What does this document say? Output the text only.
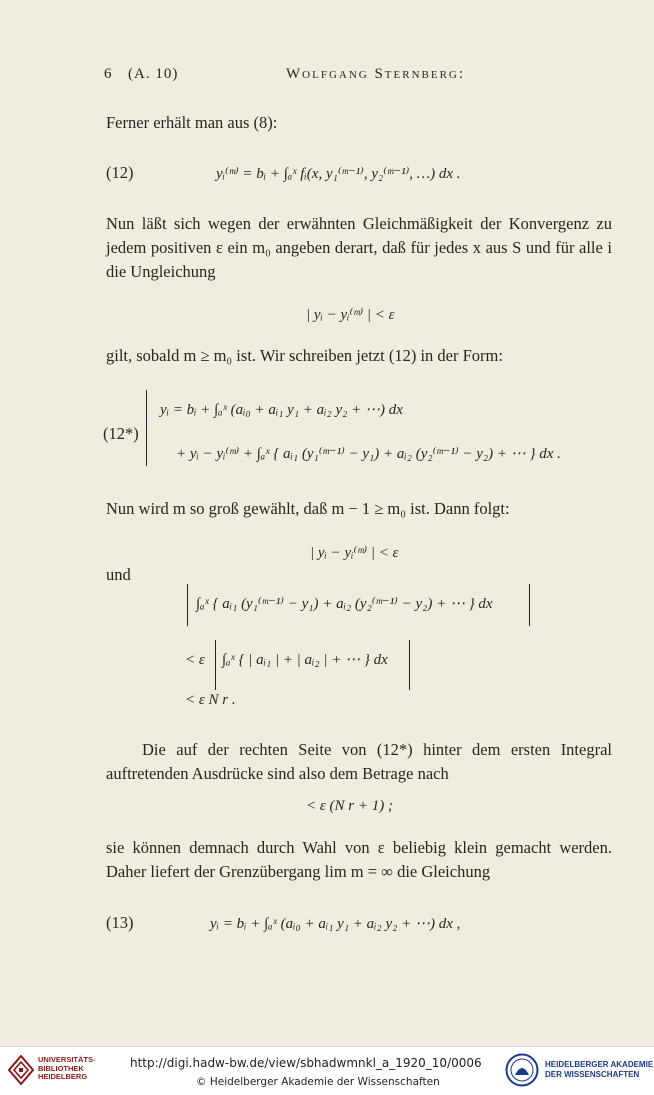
6 (A. 10)	Wolfgang Sternberg:
Ferner erhält man aus (8):
(12)	yᵢ⁽ᵐ⁾ = bᵢ + ∫ₐˣ fᵢ(x, y₁⁽ᵐ⁻¹⁾, y₂⁽ᵐ⁻¹⁾, …) dx .
Nun läßt sich wegen der erwähnten Gleichmäßigkeit der Konvergenz zu jedem positiven ε ein m₀ angeben derart, daß für jedes x aus S und für alle i die Ungleichung
| yᵢ − yᵢ⁽ᵐ⁾ | < ε
gilt, sobald m ≥ m₀ ist. Wir schreiben jetzt (12) in der Form:
(12*)
yᵢ = bᵢ + ∫ₐˣ (aᵢ₀ + aᵢ₁ y₁ + aᵢ₂ y₂ + ⋯) dx
+ yᵢ − yᵢ⁽ᵐ⁾ + ∫ₐˣ { aᵢ₁ (y₁⁽ᵐ⁻¹⁾ − y₁) + aᵢ₂ (y₂⁽ᵐ⁻¹⁾ − y₂) + ⋯ } dx .
Nun wird m so groß gewählt, daß m − 1 ≥ m₀ ist. Dann folgt:
| yᵢ − yᵢ⁽ᵐ⁾ | < ε
und
∫ₐˣ { aᵢ₁ (y₁⁽ᵐ⁻¹⁾ − y₁) + aᵢ₂ (y₂⁽ᵐ⁻¹⁾ − y₂) + ⋯ } dx
< ε ∫ₐˣ { | aᵢ₁ | + | aᵢ₂ | + ⋯ } dx
< ε N r .
Die auf der rechten Seite von (12*) hinter dem ersten Integral auftretenden Ausdrücke sind also dem Betrage nach
< ε (N r + 1) ;
sie können demnach durch Wahl von ε beliebig klein gemacht werden. Daher liefert der Grenzübergang lim m = ∞ die Gleichung
(13)	yᵢ = bᵢ + ∫ₐˣ (aᵢ₀ + aᵢ₁ y₁ + aᵢ₂ y₂ + ⋯) dx ,
UNIVERSITÄTS-
BIBLIOTHEK
HEIDELBERG
http://digi.hadw-bw.de/view/sbhadwmnkl_a_1920_10/0006
© Heidelberger Akademie der Wissenschaften
HEIDELBERGER AKADEMIE
DER WISSENSCHAFTEN
